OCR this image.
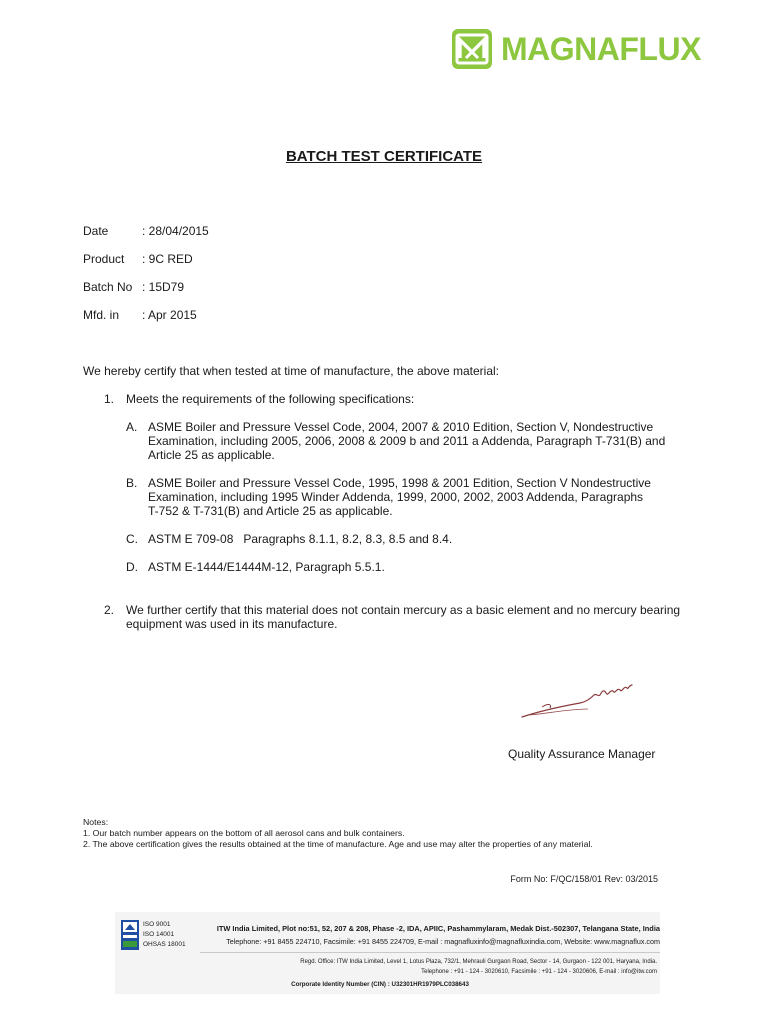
MAGNAFLUX
BATCH TEST CERTIFICATE
Date	: 28/04/2015
Product : 9C RED
Batch No : 15D79
Mfd. in : Apr 2015
We hereby certify that when tested at time of manufacture, the above material:
1. Meets the requirements of the following specifications:
A. ASME Boiler and Pressure Vessel Code, 2004, 2007 & 2010 Edition, Section V, Nondestructive
Examination, including 2005, 2006, 2008 & 2009 b and 2011 a Addenda, Paragraph T-731(B) and
Article 25 as applicable.
B. ASME Boiler and Pressure Vessel Code, 1995, 1998 & 2001 Edition, Section V Nondestructive
Examination, including 1995 Winder Addenda, 1999, 2000, 2002, 2003 Addenda, Paragraphs
T-752 & T-731(B) and Article 25 as applicable.
C. ASTM E 709-08   Paragraphs 8.1.1, 8.2, 8.3, 8.5 and 8.4.
D. ASTM E-1444/E1444M-12, Paragraph 5.5.1.
2. We further certify that this material does not contain mercury as a basic element and no mercury bearing
equipment was used in its manufacture.
Quality Assurance Manager
Notes:
1. Our batch number appears on the bottom of all aerosol cans and bulk containers.
2. The above certification gives the results obtained at the time of manufacture. Age and use may alter the properties of any material.
Form No: F/QC/158/01 Rev: 03/2015
ISO 9001
ISO 14001
OHSAS 18001
ITW India Limited, Plot no:51, 52, 207 & 208, Phase -2, IDA, APIIC, Pashammylaram, Medak Dist.-502307, Telangana State, India
Telephone: +91 8455 224710, Facsimile: +91 8455 224709, E-mail : magnafluxinfo@magnafluxindia.com, Website: www.magnaflux.com
Regd. Office: ITW India Limited, Level 1, Lotus Plaza, 732/1, Mehrauli Gurgaon Road, Sector - 14, Gurgaon - 122 001, Haryana, India.
Telephone : +91 - 124 - 3020610, Facsimile : +91 - 124 - 3020606, E-mail : info@itw.com
Corporate Identity Number (CIN) : U32301HR1979PLC038643
